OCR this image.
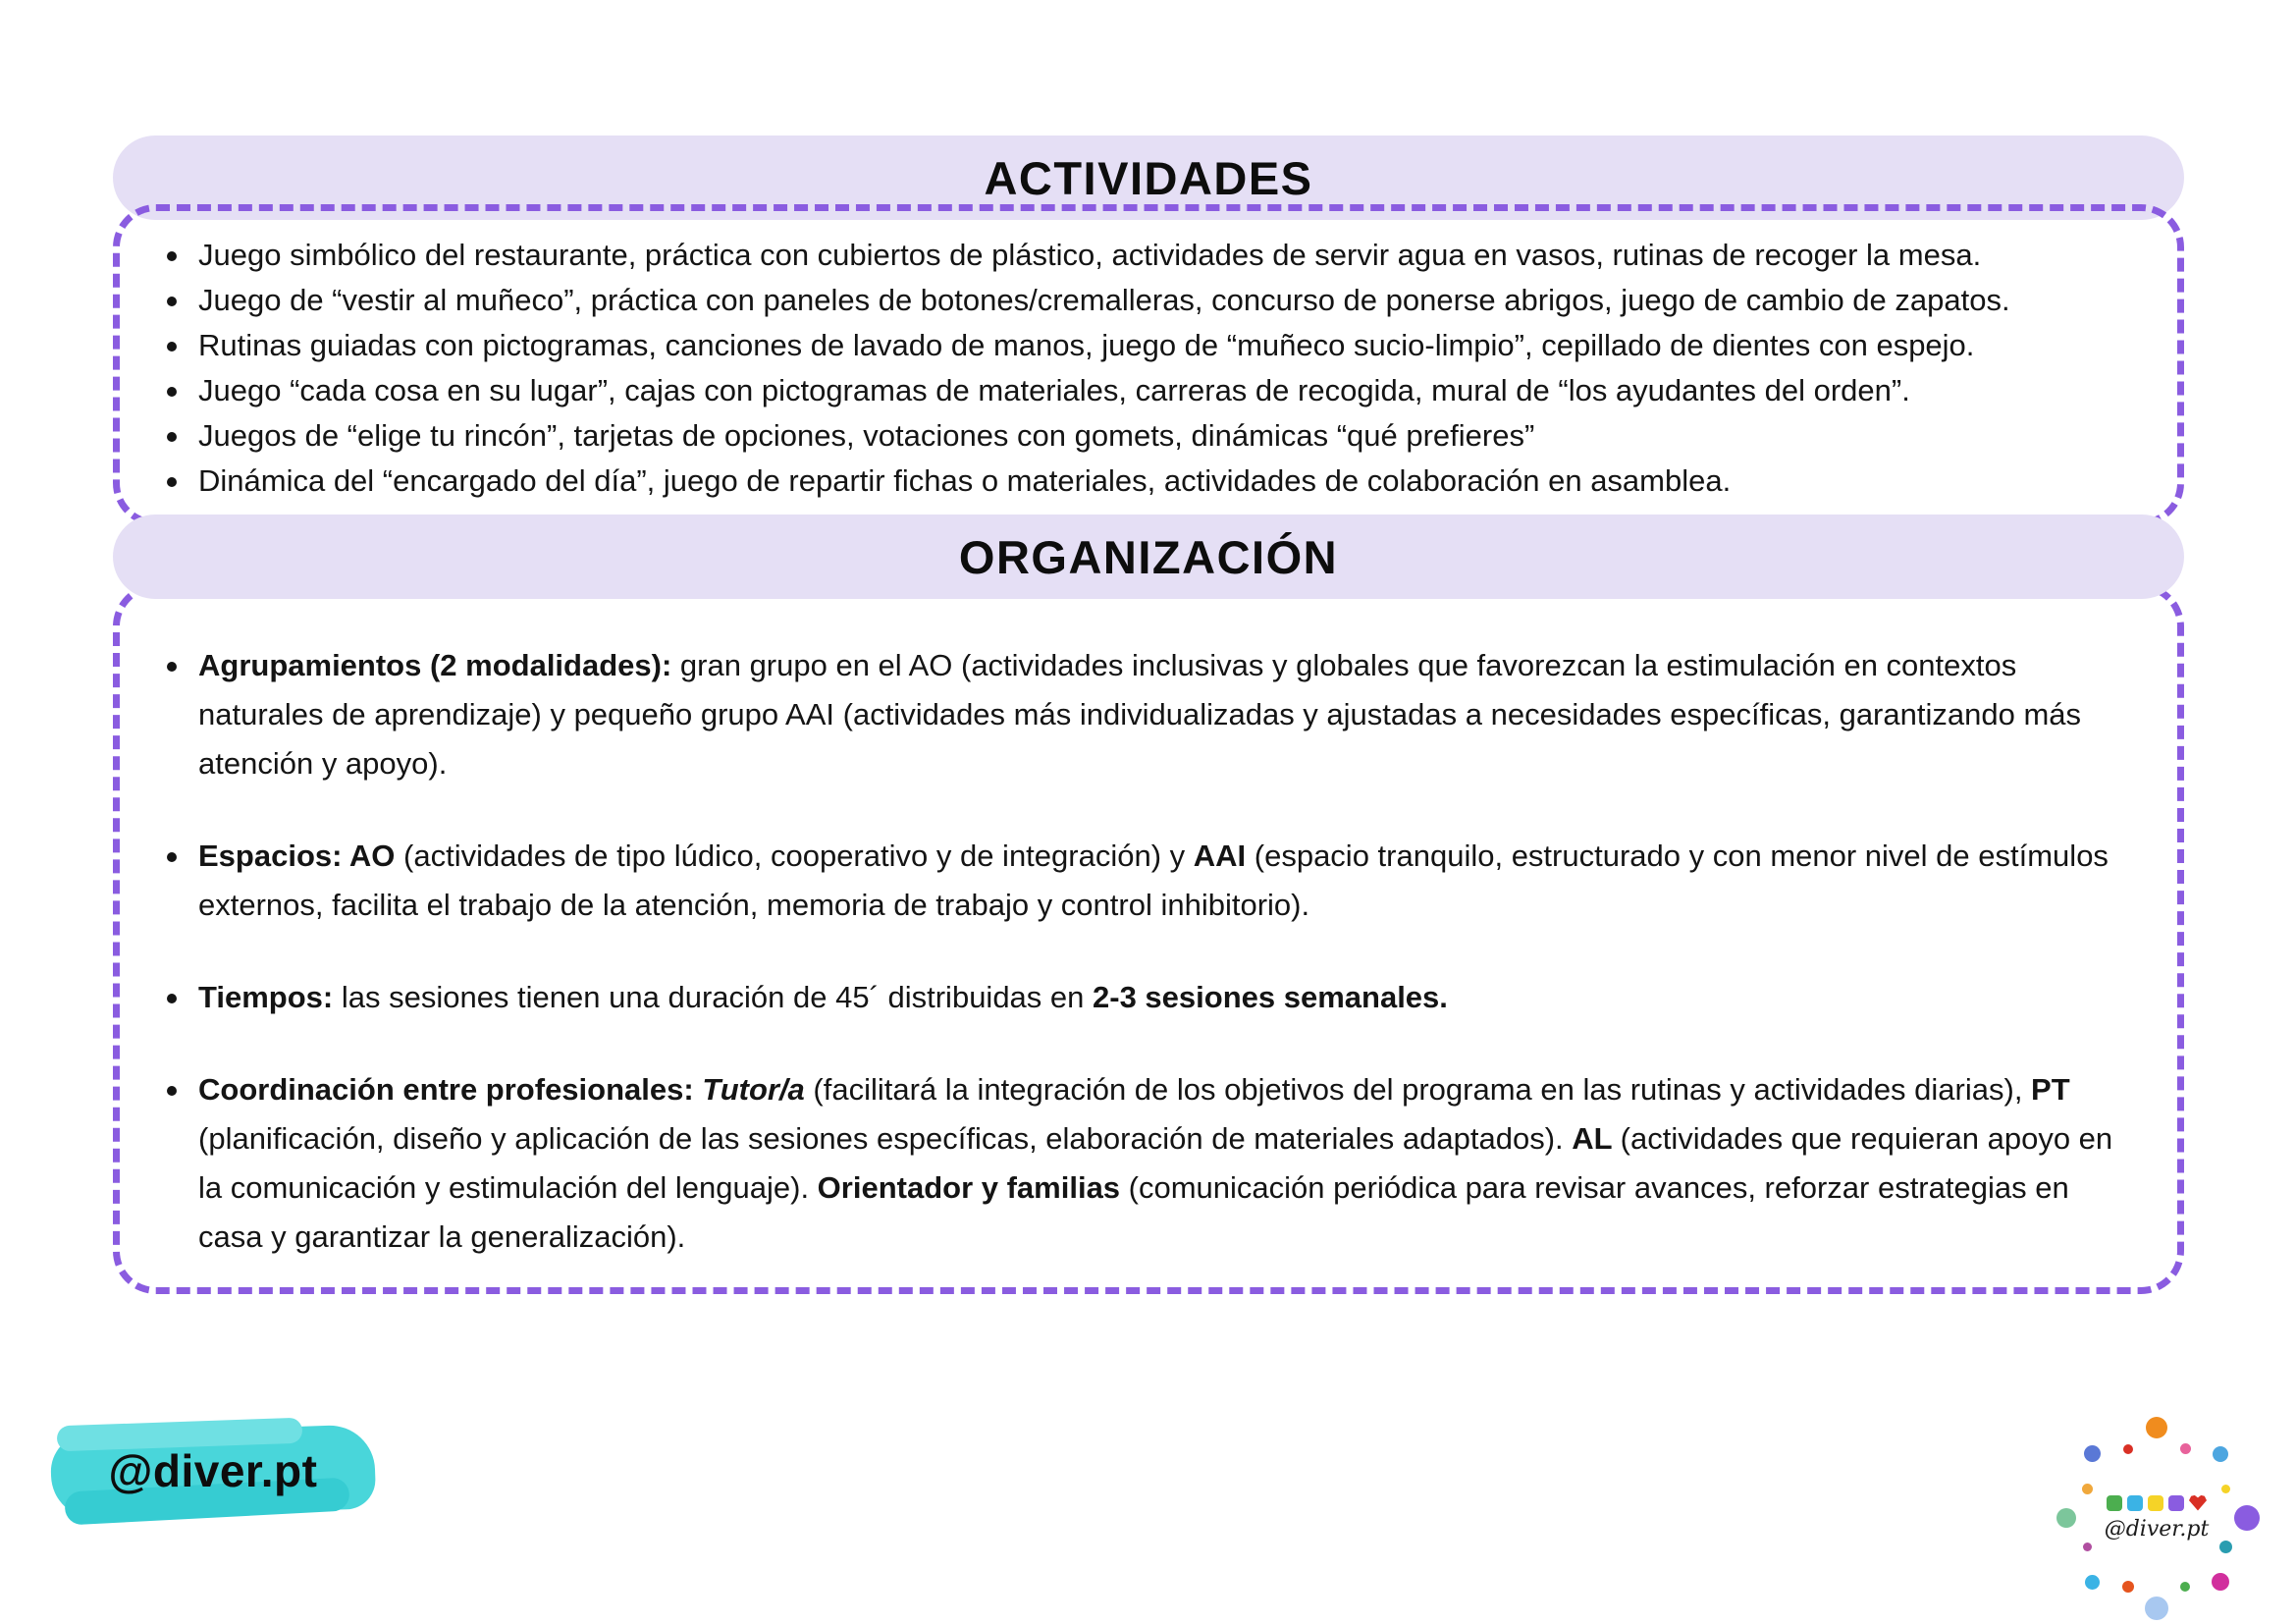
ACTIVIDADES

Juego simbólico del restaurante, práctica con cubiertos de plástico, actividades de servir agua en vasos, rutinas de recoger la mesa.

Juego de “vestir al muñeco”, práctica con paneles de botones/cremalleras, concurso de ponerse abrigos, juego de cambio de zapatos.

Rutinas guiadas con pictogramas, canciones de lavado de manos, juego de “muñeco sucio-limpio”, cepillado de dientes con espejo.

Juego “cada cosa en su lugar”, cajas con pictogramas de materiales, carreras de recogida, mural de “los ayudantes del orden”.

Juegos de “elige tu rincón”, tarjetas de opciones, votaciones con gomets, dinámicas “qué prefieres”

Dinámica del “encargado del día”, juego de repartir fichas o materiales, actividades de colaboración en asamblea.

ORGANIZACIÓN

Agrupamientos (2 modalidades): gran grupo en el AO (actividades inclusivas y globales que favorezcan la estimulación en contextos naturales de aprendizaje) y pequeño grupo AAI (actividades más individualizadas y ajustadas a necesidades específicas, garantizando más atención y apoyo).

Espacios: AO (actividades de tipo lúdico, cooperativo y de integración) y AAI (espacio tranquilo, estructurado y con menor nivel de estímulos externos, facilita el trabajo de la atención, memoria de trabajo y control inhibitorio).

Tiempos: las sesiones tienen una duración de 45´ distribuidas en 2-3 sesiones semanales.

Coordinación entre profesionales: Tutor/a (facilitará la integración de los objetivos del programa en las rutinas y actividades diarias), PT (planificación, diseño y aplicación de las sesiones específicas, elaboración de materiales adaptados). AL (actividades que requieran apoyo en la comunicación y estimulación del lenguaje). Orientador y familias (comunicación periódica para revisar avances, reforzar estrategias en casa y garantizar la generalización).

@diver.pt
@diver.pt
